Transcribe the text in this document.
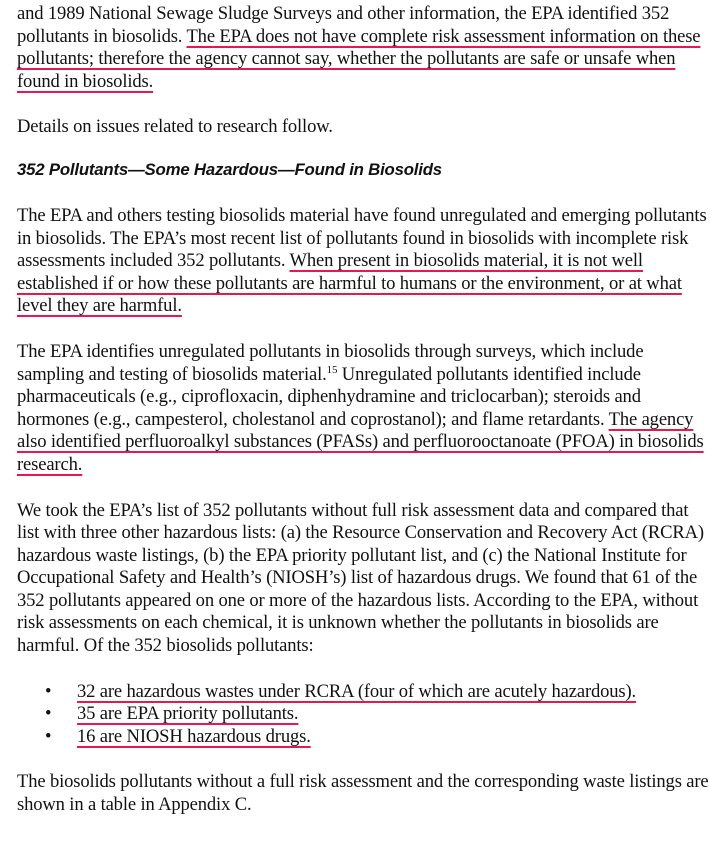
and 1989 National Sewage Sludge Surveys and other information, the EPA identified 352 pollutants in biosolids. The EPA does not have complete risk assessment information on these pollutants; therefore the agency cannot say, whether the pollutants are safe or unsafe when found in biosolids.

Details on issues related to research follow.

352 Pollutants—Some Hazardous—Found in Biosolids

The EPA and others testing biosolids material have found unregulated and emerging pollutants in biosolids. The EPA’s most recent list of pollutants found in biosolids with incomplete risk assessments included 352 pollutants. When present in biosolids material, it is not well established if or how these pollutants are harmful to humans or the environment, or at what level they are harmful.

The EPA identifies unregulated pollutants in biosolids through surveys, which include sampling and testing of biosolids material.$^{15}$ Unregulated pollutants identified include pharmaceuticals (e.g., ciprofloxacin, diphenhydramine and triclocarban); steroids and hormones (e.g., campesterol, cholestanol and coprostanol); and flame retardants. The agency also identified perfluoroalkyl substances (PFASs) and perfluorooctanoate (PFOA) in biosolids research.

We took the EPA’s list of 352 pollutants without full risk assessment data and compared that list with three other hazardous lists: (a) the Resource Conservation and Recovery Act (RCRA) hazardous waste listings, (b) the EPA priority pollutant list, and (c) the National Institute for Occupational Safety and Health’s (NIOSH’s) list of hazardous drugs. We found that 61 of the 352 pollutants appeared on one or more of the hazardous lists. According to the EPA, without risk assessments on each chemical, it is unknown whether the pollutants in biosolids are harmful. Of the 352 biosolids pollutants:

• 32 are hazardous wastes under RCRA (four of which are acutely hazardous).
• 35 are EPA priority pollutants.
• 16 are NIOSH hazardous drugs.

The biosolids pollutants without a full risk assessment and the corresponding waste listings are shown in a table in Appendix C.
